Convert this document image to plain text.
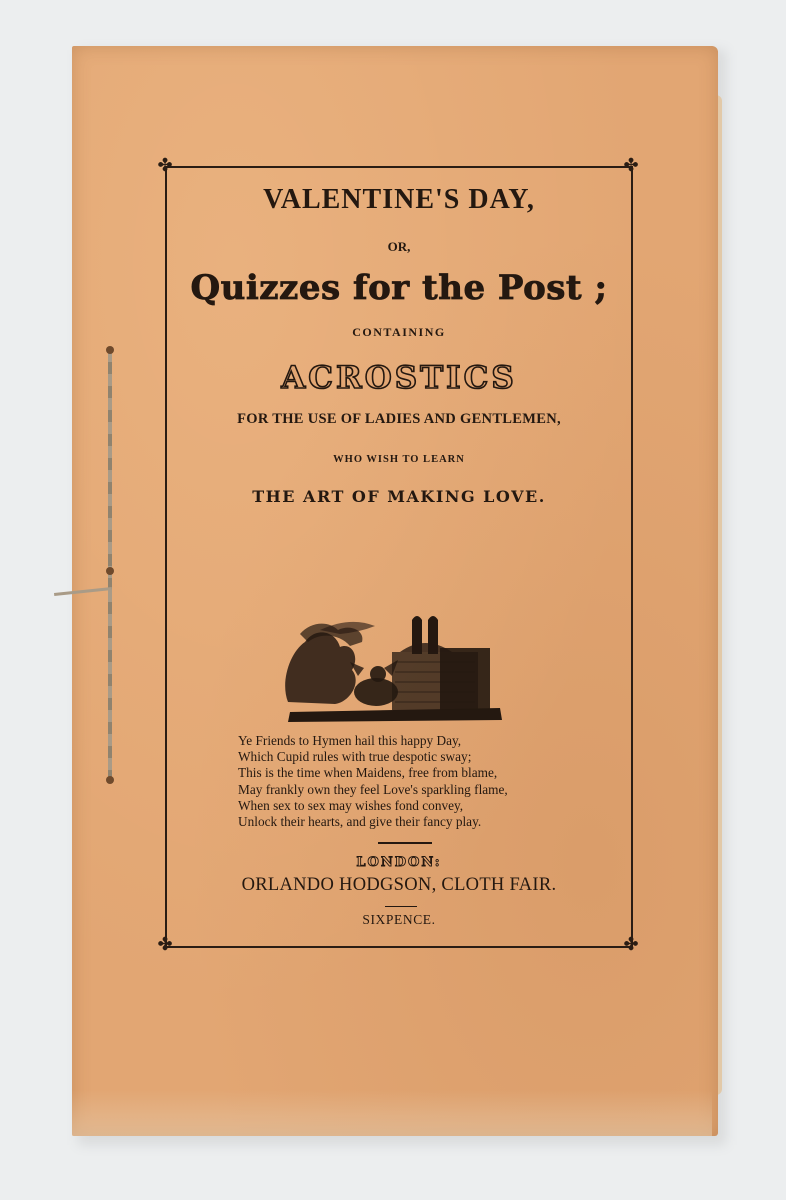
✤	✤
✤	✤
VALENTINE'S DAY,
OR,
Quizzes for the Post ;
CONTAINING
ACROSTICS
FOR THE USE OF LADIES AND GENTLEMEN,
WHO WISH TO LEARN
THE ART OF MAKING LOVE.
Ye Friends to Hymen hail this happy Day,
Which Cupid rules with true despotic sway;
This is the time when Maidens, free from blame,
May frankly own they feel Love's sparkling flame,
When sex to sex may wishes fond convey,
Unlock their hearts, and give their fancy play.
LONDON:
ORLANDO HODGSON, CLOTH FAIR.
SIXPENCE.
